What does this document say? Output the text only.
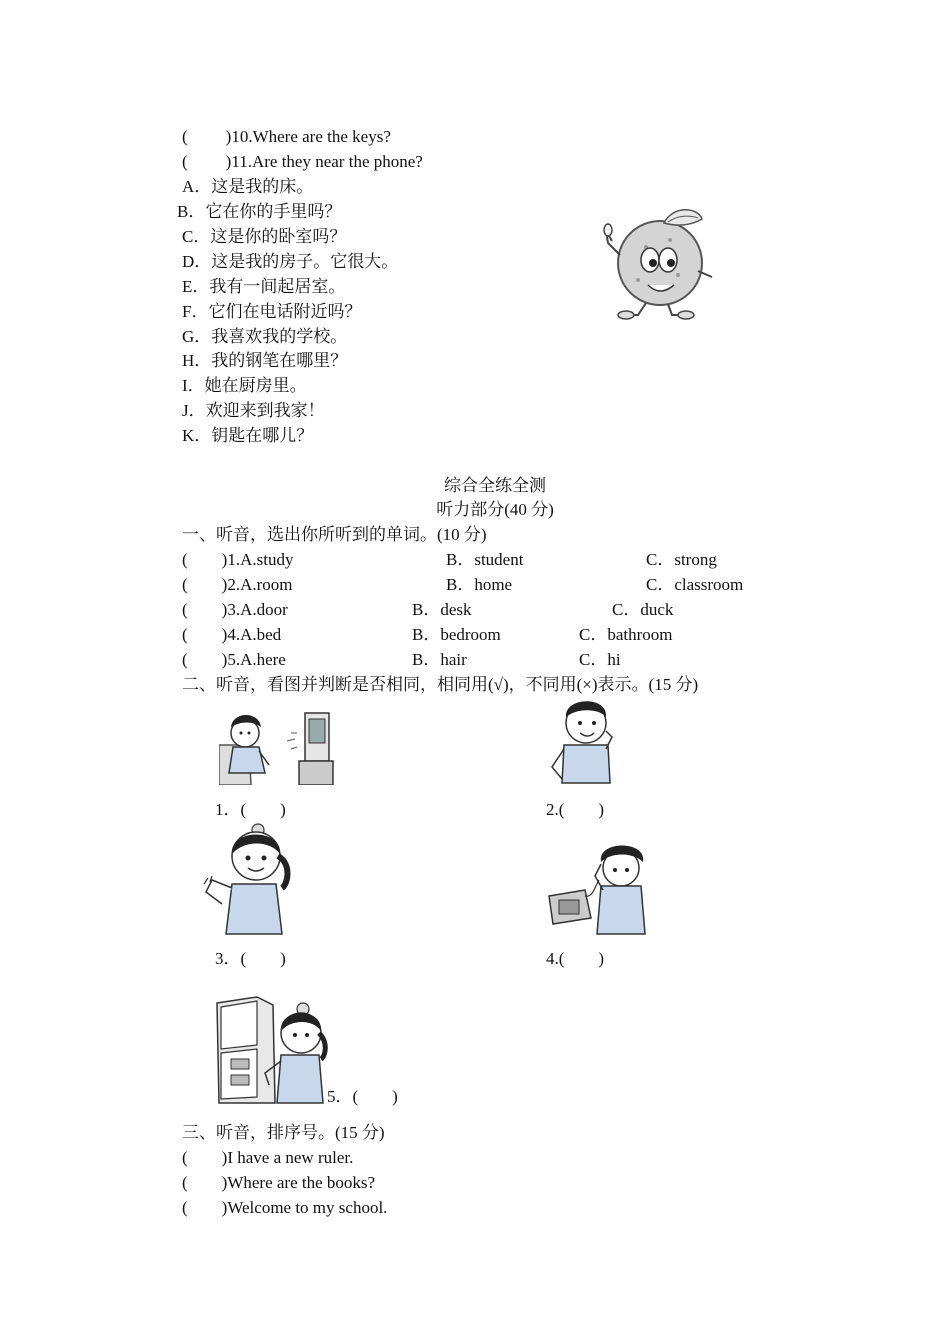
( )10.Where are the keys?
( )11.Are they near the phone?
A．这是我的床。
B．它在你的手里吗？
C．这是你的卧室吗？
D．这是我的房子。它很大。
E．我有一间起居室。
F．它们在电话附近吗？
G．我喜欢我的学校。
H．我的钢笔在哪里？
I．她在厨房里。
J．欢迎来到我家！
K．钥匙在哪儿？
综合全练全测
听力部分(40 分)
一、听音，选出你所听到的单词。(10 分)
(        )1.A.study	B．student	C．strong
(        )2.A.room	B．home	C．classroom
(        )3.A.door	B．desk	C．duck
(        )4.A.bed	B．bedroom	C．bathroom
(        )5.A.here	B．hair	C．hi
二、听音，看图并判断是否相同，相同用(√)，不同用(×)表示。(15 分)
1．(        )	2.(        )
3．(        )	4.(        )
5．(        )
三、听音，排序号。(15 分)
(        )I have a new ruler.
(        )Where are the books?
(        )Welcome to my school.
